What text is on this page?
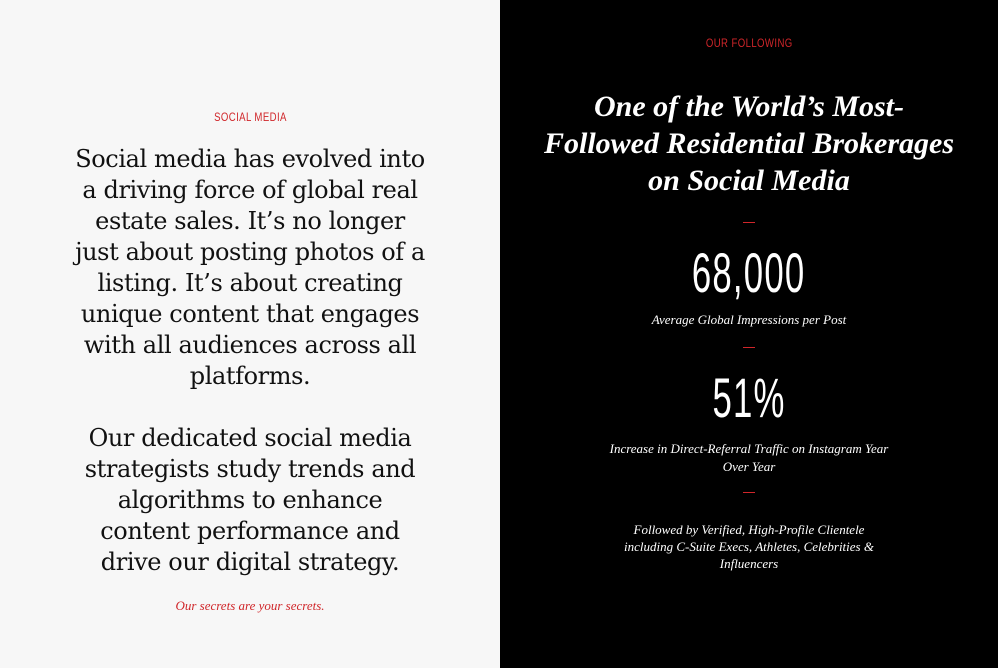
SOCIAL MEDIA

Social media has evolved into a driving force of global real estate sales. It’s no longer just about posting photos of a listing. It’s about creating unique content that engages with all audiences across all platforms.

Our dedicated social media strategists study trends and algorithms to enhance content performance and drive our digital strategy.

Our secrets are your secrets.
OUR FOLLOWING
One of the World’s Most-Followed Residential Brokerages on Social Media
68,000
Average Global Impressions per Post
51%
Increase in Direct-Referral Traffic on Instagram Year Over Year
Followed by Verified, High-Profile Clientele including C-Suite Execs, Athletes, Celebrities & Influencers
